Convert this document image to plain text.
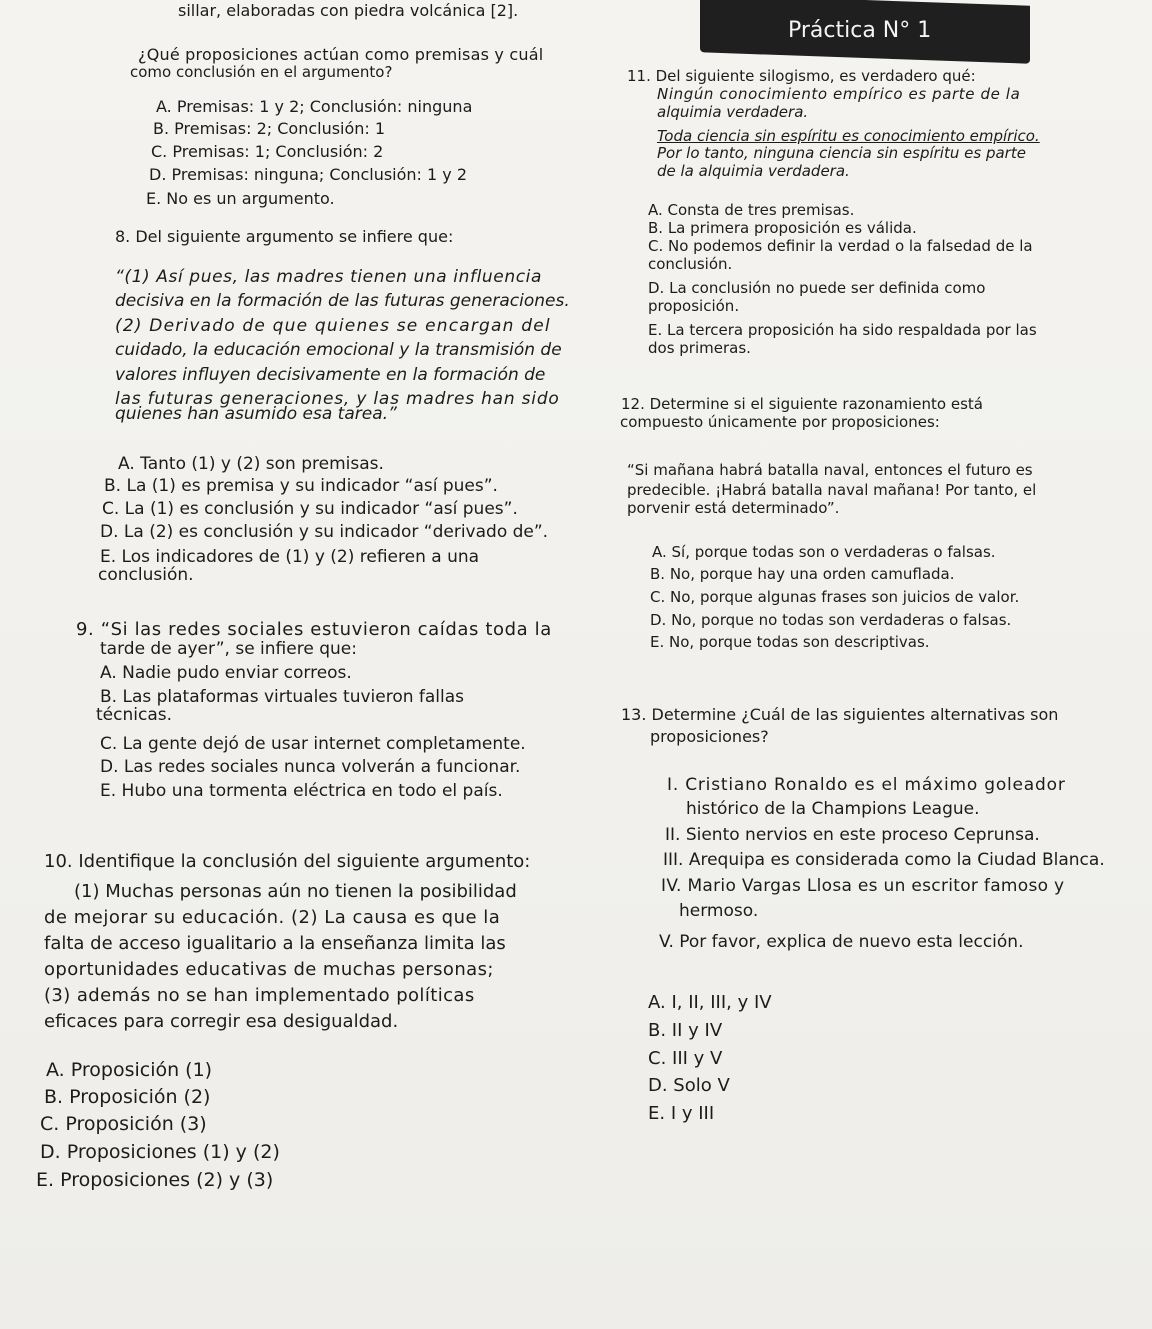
Práctica N° 1
sillar, elaboradas con piedra volcánica [2].
¿Qué proposiciones actúan como premisas y cuál
como conclusión en el argumento?
A. Premisas: 1 y 2; Conclusión: ninguna
B. Premisas: 2; Conclusión: 1
C. Premisas: 1; Conclusión: 2
D. Premisas: ninguna; Conclusión: 1 y 2
E. No es un argumento.
8. Del siguiente argumento se infiere que:
“(1) Así pues, las madres tienen una influencia
decisiva en la formación de las futuras generaciones.
(2) Derivado de que quienes se encargan del
cuidado, la educación emocional y la transmisión de
valores influyen decisivamente en la formación de
las futuras generaciones, y las madres han sido
quienes han asumido esa tarea.”
A. Tanto (1) y (2) son premisas.
B. La (1) es premisa y su indicador “así pues”.
C. La (1) es conclusión y su indicador “así pues”.
D. La (2) es conclusión y su indicador “derivado de”.
E. Los indicadores de (1) y (2) refieren a una
conclusión.
9. “Si las redes sociales estuvieron caídas toda la
tarde de ayer”, se infiere que:
A. Nadie pudo enviar correos.
B. Las plataformas virtuales tuvieron fallas
técnicas.
C. La gente dejó de usar internet completamente.
D. Las redes sociales nunca volverán a funcionar.
E. Hubo una tormenta eléctrica en todo el país.
10. Identifique la conclusión del siguiente argumento:
(1) Muchas personas aún no tienen la posibilidad
de mejorar su educación. (2) La causa es que la
falta de acceso igualitario a la enseñanza limita las
oportunidades educativas de muchas personas;
(3) además no se han implementado políticas
eficaces para corregir esa desigualdad.
A. Proposición (1)
B. Proposición (2)
C. Proposición (3)
D. Proposiciones (1) y (2)
E. Proposiciones (2) y (3)
11. Del siguiente silogismo, es verdadero qué:
Ningún conocimiento empírico es parte de la
alquimia verdadera.
Toda ciencia sin espíritu es conocimiento empírico.
Por lo tanto, ninguna ciencia sin espíritu es parte
de la alquimia verdadera.
A. Consta de tres premisas.
B. La primera proposición es válida.
C. No podemos definir la verdad o la falsedad de la
conclusión.
D. La conclusión no puede ser definida como
proposición.
E. La tercera proposición ha sido respaldada por las
dos primeras.
12. Determine si el siguiente razonamiento está
compuesto únicamente por proposiciones:
“Si mañana habrá batalla naval, entonces el futuro es
predecible. ¡Habrá batalla naval mañana! Por tanto, el
porvenir está determinado”.
A. Sí, porque todas son o verdaderas o falsas.
B. No, porque hay una orden camuflada.
C. No, porque algunas frases son juicios de valor.
D. No, porque no todas son verdaderas o falsas.
E. No, porque todas son descriptivas.
13. Determine ¿Cuál de las siguientes alternativas son
proposiciones?
I. Cristiano Ronaldo es el máximo goleador
histórico de la Champions League.
II. Siento nervios en este proceso Ceprunsa.
III. Arequipa es considerada como la Ciudad Blanca.
IV. Mario Vargas Llosa es un escritor famoso y
hermoso.
V. Por favor, explica de nuevo esta lección.
A. I, II, III, y IV
B. II y IV
C. III y V
D. Solo V
E. I y III
